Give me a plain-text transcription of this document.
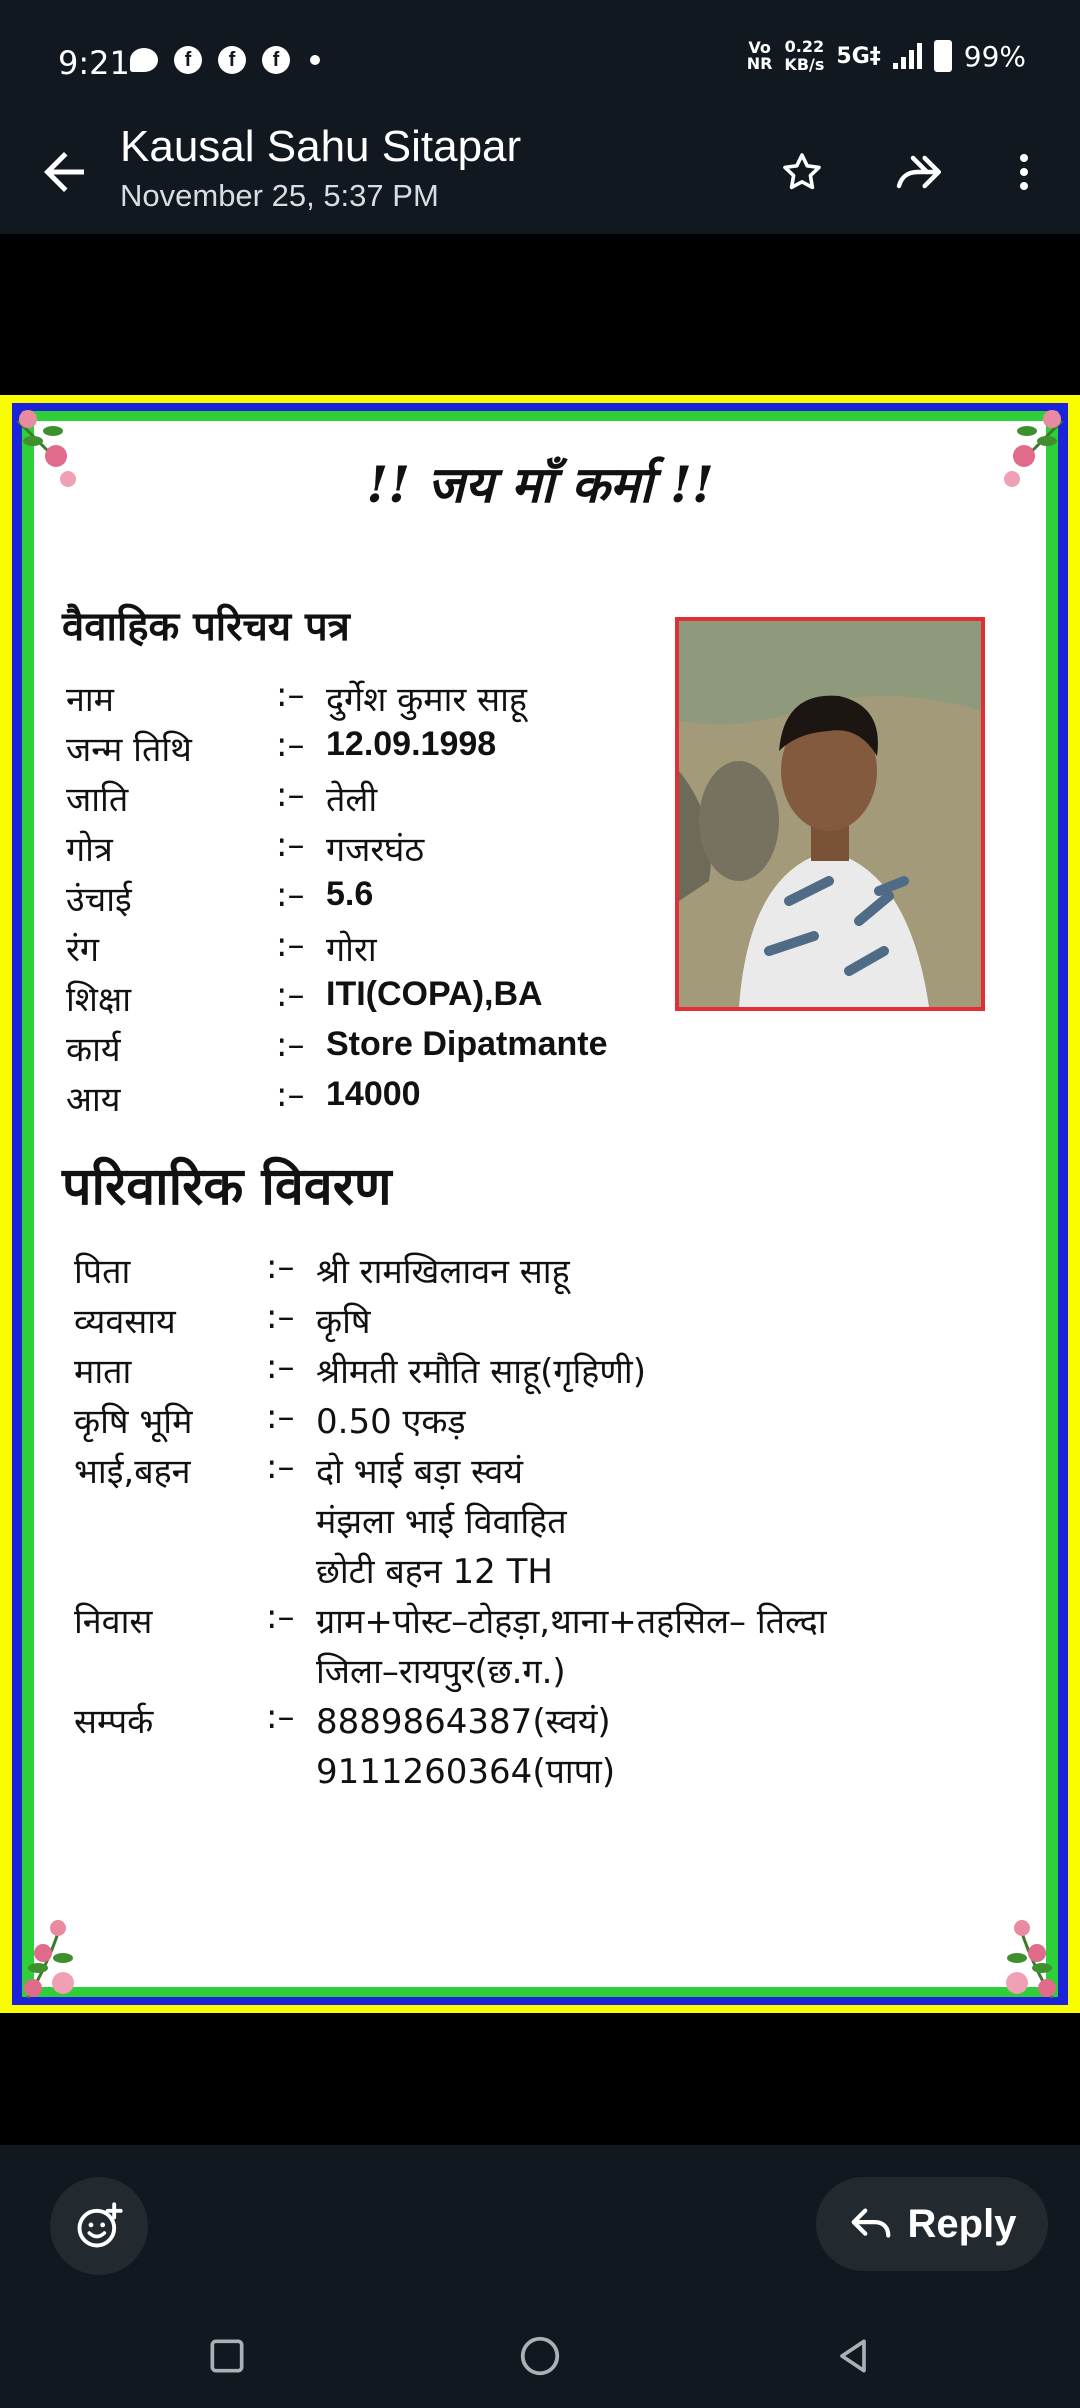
9:21	f	f	f
Vo
NR
0.22
KB/s 5G‡	99%
Kausal Sahu Sitapar
November 25, 5:37 PM
!! जय माँ कर्मा !!
वैवाहिक परिचय पत्र
नाम	:– दुर्गेश कुमार साहू
जन्म तिथि	:– 12.09.1998
जाति	:– तेली
गोत्र	:– गजरघंठ
उंचाई	:– 5.6
रंग	:– गोरा
शिक्षा	:– ITI(COPA),BA
कार्य	:– Store Dipatmante
आय	:– 14000
परिवारिक विवरण
पिता	:– श्री रामखिलावन साहू
व्यवसाय	:– कृषि
माता	:– श्रीमती रमौति साहू(गृहिणी)
कृषि भूमि	:– 0.50 एकड़
भाई,बहन	:– दो भाई बड़ा स्वयं
मंझला भाई विवाहित
छोटी बहन 12 TH
निवास	:– ग्राम+पोस्ट–टोहड़ा,थाना+तहसिल– तिल्दा
जिला–रायपुर(छ.ग.)
सम्पर्क	:– 8889864387(स्वयं)
9111260364(पापा)
Reply
